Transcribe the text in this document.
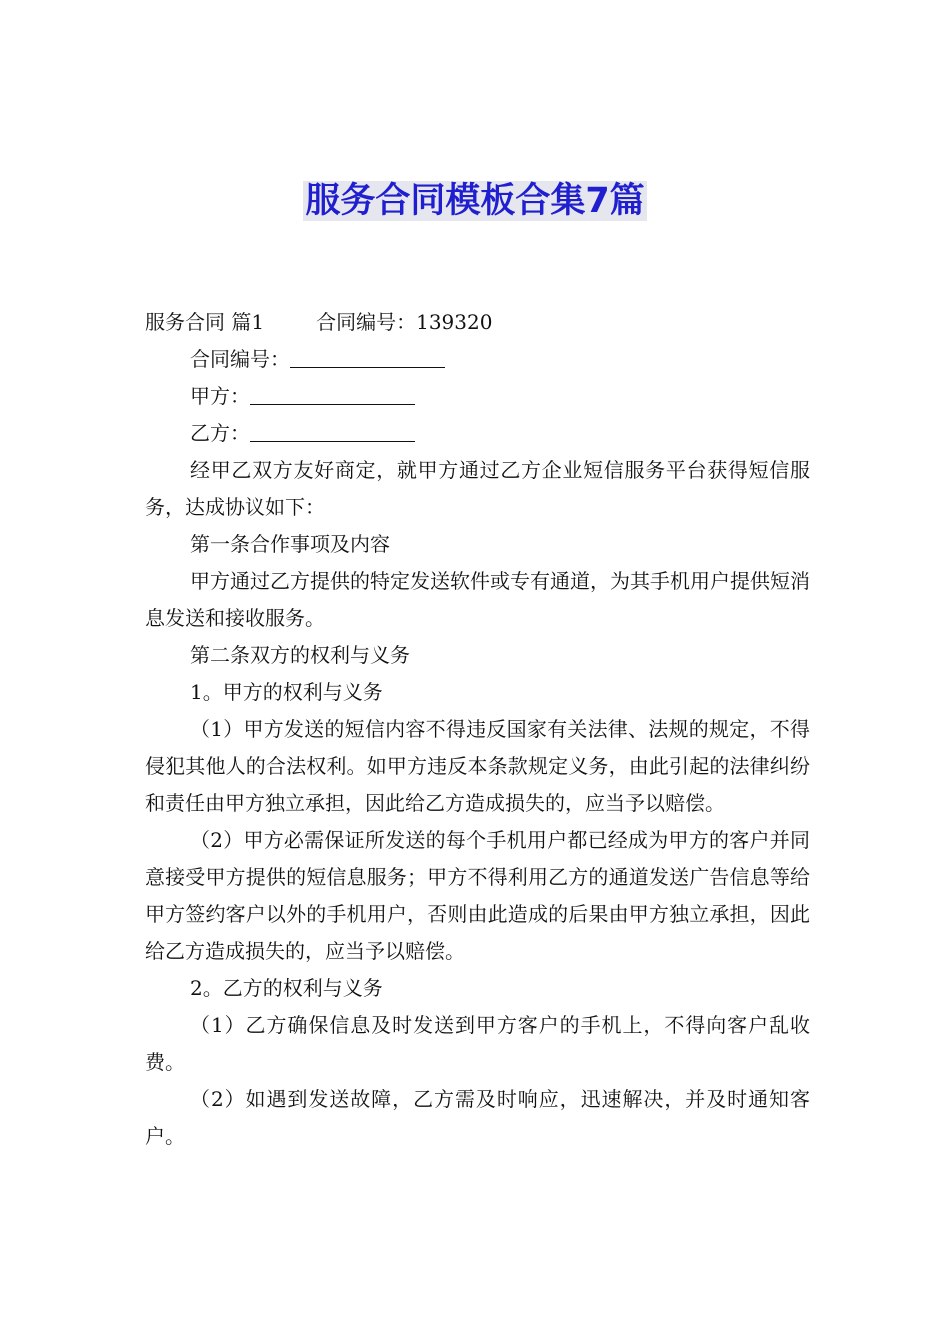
服务合同模板合集7篇

服务合同 篇1	合同编号：139320

合同编号：

甲方：

乙方：

经甲乙双方友好商定，就甲方通过乙方企业短信服务平台获得短信服务，达成协议如下：

第一条合作事项及内容

甲方通过乙方提供的特定发送软件或专有通道，为其手机用户提供短消息发送和接收服务。

第二条双方的权利与义务

1。甲方的权利与义务

（1）甲方发送的短信内容不得违反国家有关法律、法规的规定，不得侵犯其他人的合法权利。如甲方违反本条款规定义务，由此引起的法律纠纷和责任由甲方独立承担，因此给乙方造成损失的，应当予以赔偿。

（2）甲方必需保证所发送的每个手机用户都已经成为甲方的客户并同意接受甲方提供的短信息服务；甲方不得利用乙方的通道发送广告信息等给甲方签约客户以外的手机用户，否则由此造成的后果由甲方独立承担，因此给乙方造成损失的，应当予以赔偿。

2。乙方的权利与义务

（1）乙方确保信息及时发送到甲方客户的手机上，不得向客户乱收费。

（2）如遇到发送故障，乙方需及时响应，迅速解决，并及时通知客户。
